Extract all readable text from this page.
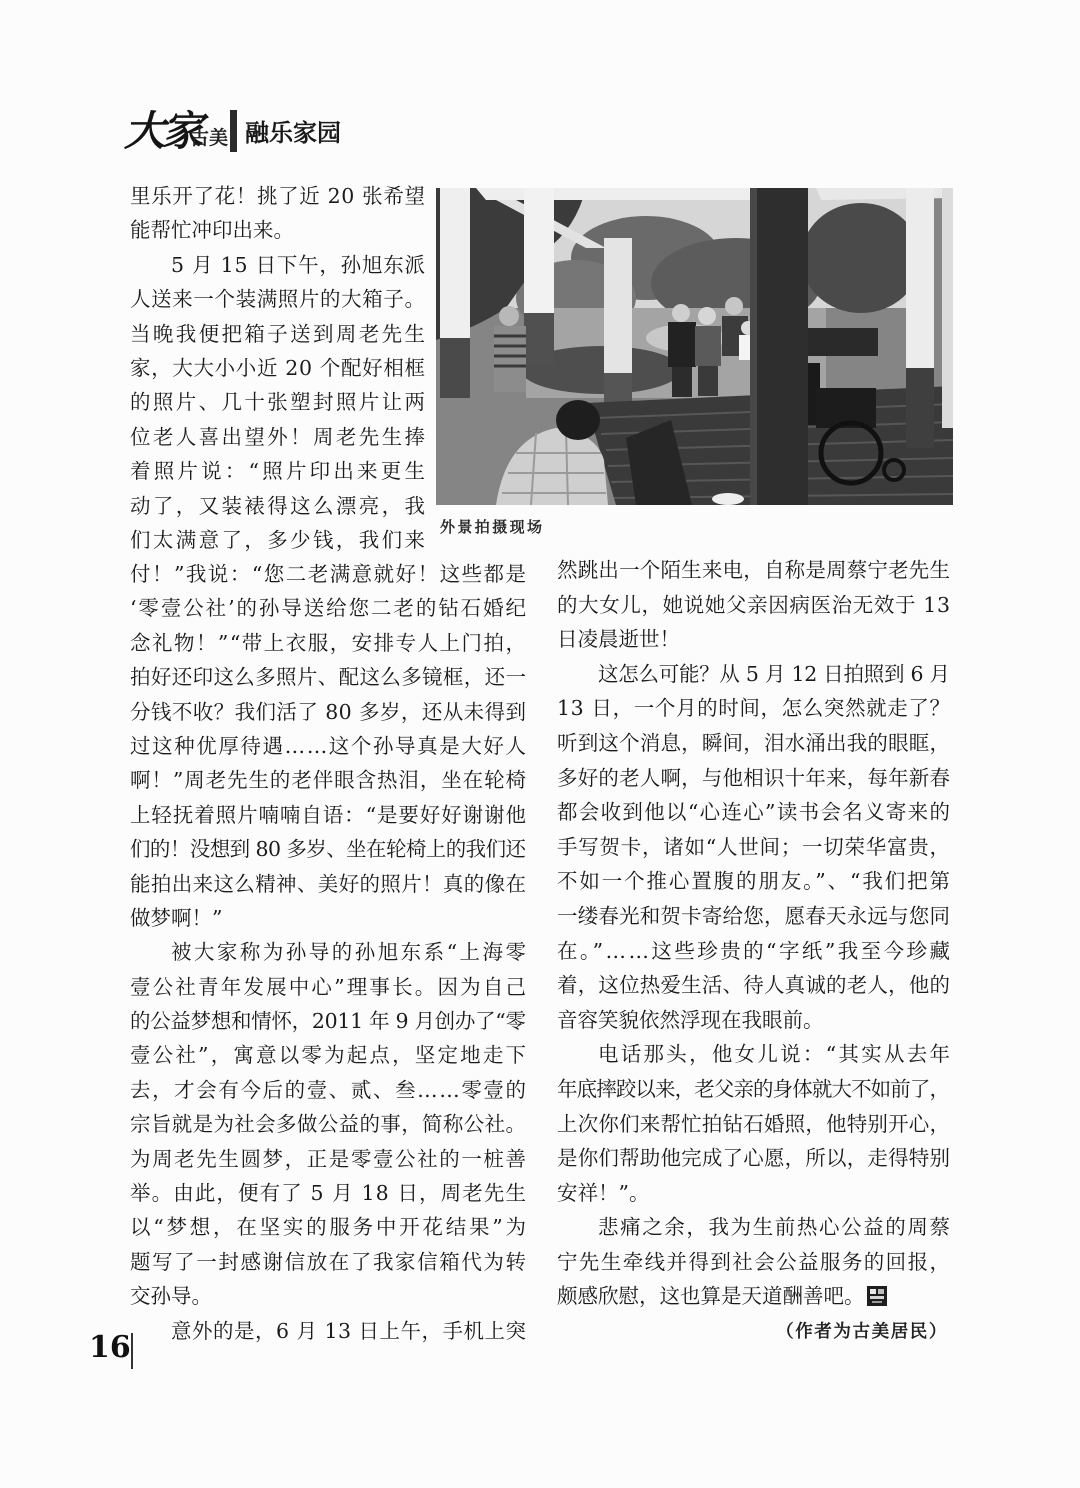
大家
古美 融乐家园
里乐开了花！挑了近 20 张希望
能帮忙冲印出来。
5 月 15 日下午，孙旭东派
人送来一个装满照片的大箱子。
当晚我便把箱子送到周老先生
家，大大小小近 20 个配好相框
的照片、几十张塑封照片让两
位老人喜出望外！周老先生捧
着照片说：“照片印出来更生
动了，又装裱得这么漂亮，我
们太满意了，多少钱，我们来
付！”我说：“您二老满意就好！这些都是
‘零壹公社’的孙导送给您二老的钻石婚纪
念礼物！”“带上衣服，安排专人上门拍，
拍好还印这么多照片、配这么多镜框，还一
分钱不收？我们活了 80 多岁，还从未得到
过这种优厚待遇……这个孙导真是大好人
啊！”周老先生的老伴眼含热泪，坐在轮椅
上轻抚着照片喃喃自语：“是要好好谢谢他
们的！没想到 80 多岁、坐在轮椅上的我们还
能拍出来这么精神、美好的照片！真的像在
做梦啊！”
被大家称为孙导的孙旭东系“上海零
壹公社青年发展中心”理事长。因为自己
的公益梦想和情怀，2011 年 9 月创办了“零
壹公社”，寓意以零为起点，坚定地走下
去，才会有今后的壹、贰、叁……零壹的
宗旨就是为社会多做公益的事，简称公社。
为周老先生圆梦，正是零壹公社的一桩善
举。由此，便有了 5 月 18 日，周老先生
以“梦想，在坚实的服务中开花结果”为
题写了一封感谢信放在了我家信箱代为转
交孙导。
意外的是，6 月 13 日上午，手机上突
然跳出一个陌生来电，自称是周蔡宁老先生
的大女儿，她说她父亲因病医治无效于 13
日凌晨逝世！
这怎么可能？从 5 月 12 日拍照到 6 月
13 日，一个月的时间，怎么突然就走了？
听到这个消息，瞬间，泪水涌出我的眼眶，
多好的老人啊，与他相识十年来，每年新春
都会收到他以“心连心”读书会名义寄来的
手写贺卡，诸如“人世间；一切荣华富贵，
不如一个推心置腹的朋友。”、“我们把第
一缕春光和贺卡寄给您，愿春天永远与您同
在。”……这些珍贵的“字纸”我至今珍藏
着，这位热爱生活、待人真诚的老人，他的
音容笑貌依然浮现在我眼前。
电话那头，他女儿说：“其实从去年
年底摔跤以来，老父亲的身体就大不如前了，
上次你们来帮忙拍钻石婚照，他特别开心，
是你们帮助他完成了心愿，所以，走得特别
安祥！”。
悲痛之余，我为生前热心公益的周蔡
宁先生牵线并得到社会公益服务的回报，
颇感欣慰，这也算是天道酬善吧。
外景拍摄现场
（作者为古美居民）
16
